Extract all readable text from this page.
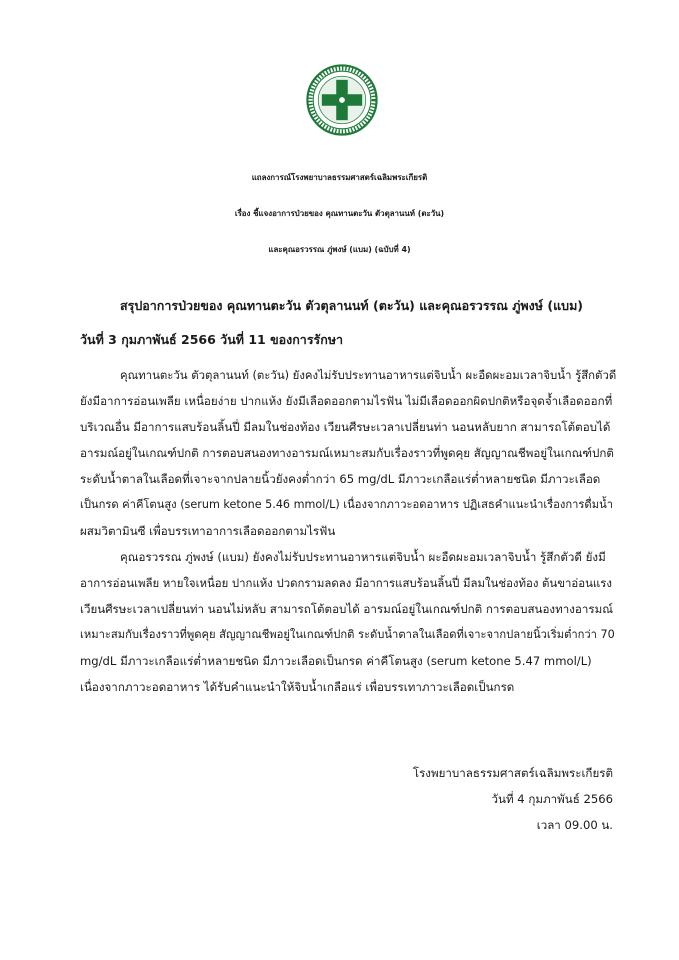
แถลงการณ์โรงพยาบาลธรรมศาสตร์เฉลิมพระเกียรติ
เรื่อง ชี้แจงอาการป่วยของ คุณทานตะวัน ตัวตุลานนท์ (ตะวัน)
และคุณอรวรรณ ภู่พงษ์ (แบม) (ฉบับที่ 4)
สรุปอาการป่วยของ คุณทานตะวัน ตัวตุลานนท์ (ตะวัน) และคุณอรวรรณ ภู่พงษ์ (แบม)
วันที่ 3 กุมภาพันธ์ 2566 วันที่ 11 ของการรักษา
คุณทานตะวัน ตัวตุลานนท์ (ตะวัน) ยังคงไม่รับประทานอาหารแต่จิบน้ำ ผะอืดผะอมเวลาจิบน้ำ รู้สึกตัวดี
ยังมีอาการอ่อนเพลีย เหนื่อยง่าย ปากแห้ง ยังมีเลือดออกตามไรฟัน ไม่มีเลือดออกผิดปกติหรือจุดจ้ำเลือดออกที่
บริเวณอื่น มีอาการแสบร้อนลิ้นปี่ มีลมในช่องท้อง เวียนศีรษะเวลาเปลี่ยนท่า นอนหลับยาก สามารถโต้ตอบได้
อารมณ์อยู่ในเกณฑ์ปกติ การตอบสนองทางอารมณ์เหมาะสมกับเรื่องราวที่พูดคุย สัญญาณชีพอยู่ในเกณฑ์ปกติ
ระดับน้ำตาลในเลือดที่เจาะจากปลายนิ้วยังคงต่ำกว่า 65 mg/dL มีภาวะเกลือแร่ต่ำหลายชนิด มีภาวะเลือด
เป็นกรด ค่าคีโตนสูง (serum ketone 5.46 mmol/L) เนื่องจากภาวะอดอาหาร ปฏิเสธคำแนะนำเรื่องการดื่มน้ำ
ผสมวิตามินซี เพื่อบรรเทาอาการเลือดออกตามไรฟัน
คุณอรวรรณ ภู่พงษ์ (แบม) ยังคงไม่รับประทานอาหารแต่จิบน้ำ ผะอืดผะอมเวลาจิบน้ำ รู้สึกตัวดี ยังมี
อาการอ่อนเพลีย หายใจเหนื่อย ปากแห้ง ปวดกรามลดลง มีอาการแสบร้อนลิ้นปี่ มีลมในช่องท้อง ต้นขาอ่อนแรง
เวียนศีรษะเวลาเปลี่ยนท่า นอนไม่หลับ สามารถโต้ตอบได้ อารมณ์อยู่ในเกณฑ์ปกติ การตอบสนองทางอารมณ์
เหมาะสมกับเรื่องราวที่พูดคุย สัญญาณชีพอยู่ในเกณฑ์ปกติ ระดับน้ำตาลในเลือดที่เจาะจากปลายนิ้วเริ่มต่ำกว่า 70
mg/dL มีภาวะเกลือแร่ต่ำหลายชนิด มีภาวะเลือดเป็นกรด ค่าคีโตนสูง (serum ketone 5.47 mmol/L)
เนื่องจากภาวะอดอาหาร ได้รับคำแนะนำให้จิบน้ำเกลือแร่ เพื่อบรรเทาภาวะเลือดเป็นกรด
โรงพยาบาลธรรมศาสตร์เฉลิมพระเกียรติ
วันที่ 4 กุมภาพันธ์ 2566
เวลา 09.00 น.
